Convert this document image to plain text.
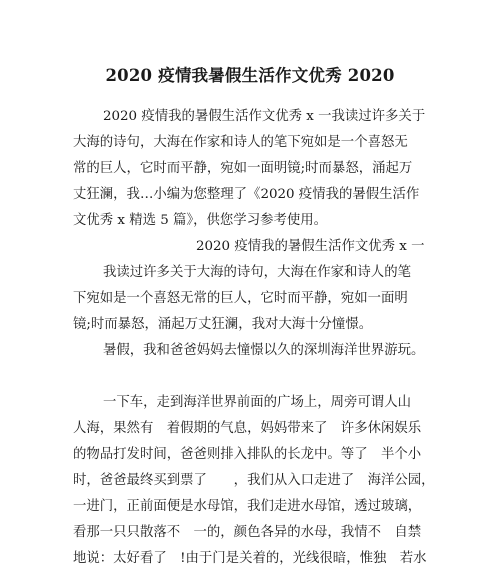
2020 疫情我暑假生活作文优秀 2020
2020 疫情我的暑假生活作文优秀 x 一我读过许多关于
大海的诗句，大海在作家和诗人的笔下宛如是一个喜怒无
常的巨人，它时而平静，宛如一面明镜;时而暴怒，涌起万
丈狂澜，我…小编为您整理了《2020 疫情我的暑假生活作
文优秀 x 精选 5 篇》，供您学习参考使用。
2020 疫情我的暑假生活作文优秀 x 一
我读过许多关于大海的诗句，大海在作家和诗人的笔
下宛如是一个喜怒无常的巨人，它时而平静，宛如一面明
镜;时而暴怒，涌起万丈狂澜，我对大海十分憧憬。
暑假，我和爸爸妈妈去憧憬以久的深圳海洋世界游玩。
一下车，走到海洋世界前面的广场上，周旁可谓人山
人海，果然有　着假期的气息，妈妈带来了　许多休闲娱乐
的物品打发时间，爸爸则排入排队的长龙中。等了　半个小
时，爸爸最终买到票了　　，我们从入口走进了　海洋公园，
一进门，正前面便是水母馆，我们走进水母馆，透过玻璃，
看那一只只散落不　一的，颜色各异的水母，我情不　自禁
地说：太好看了　!由于门是关着的，光线很暗，惟独　若水
